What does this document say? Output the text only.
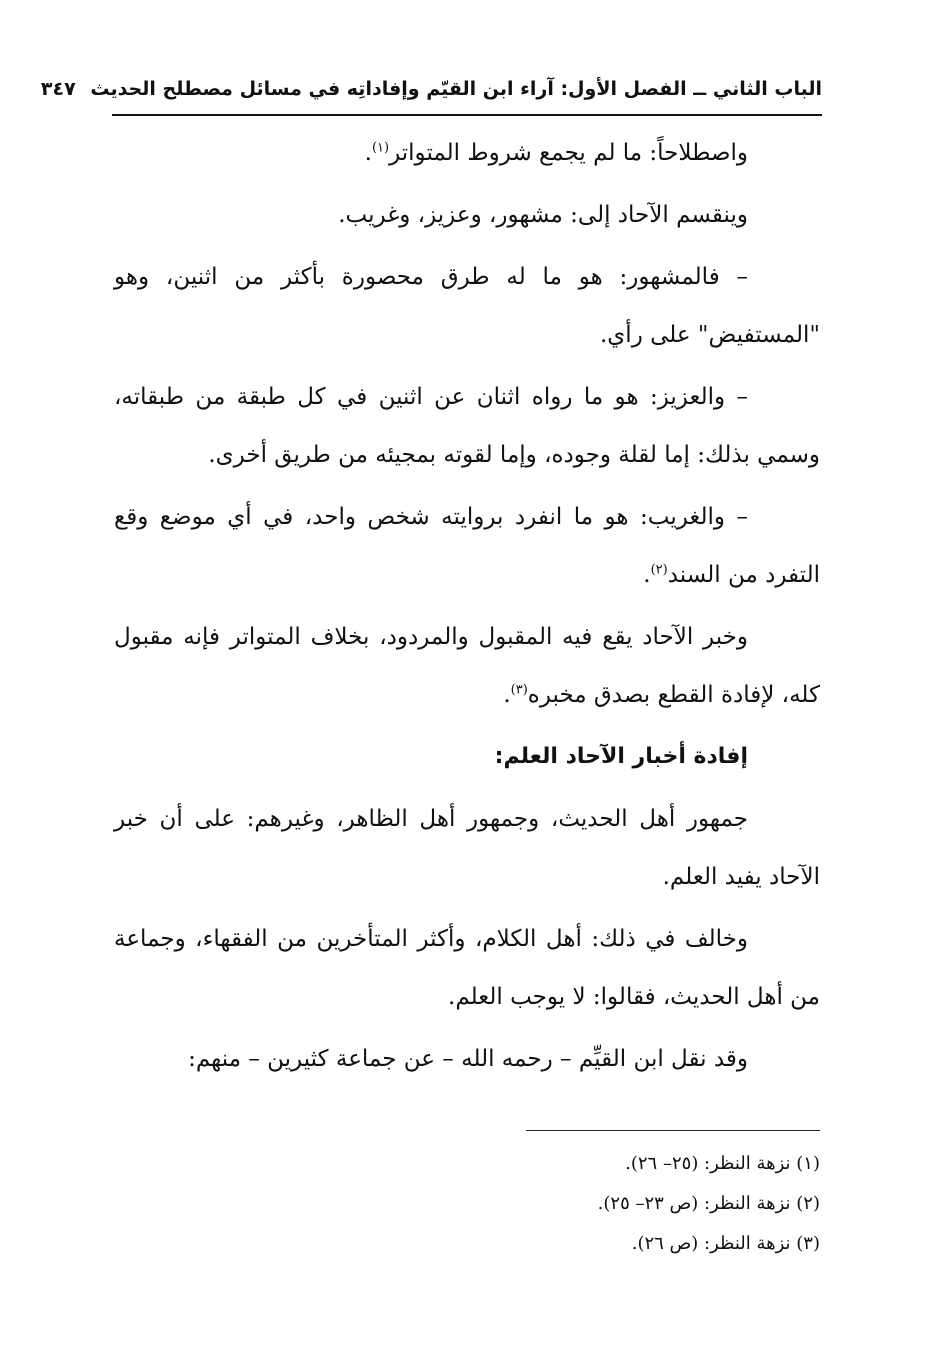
الباب الثاني ــ الفصل الأول: آراء ابن القيّم وإفاداتِه في مسائل مصطلح الحديث ٣٤٧

واصطلاحاً: ما لم يجمع شروط المتواتر$^{(١)}$.

وينقسم الآحاد إلى: مشهور، وعزيز، وغريب.

– فالمشهور: هو ما له طرق محصورة بأكثر من اثنين، وهو "المستفيض" على رأي.

– والعزيز: هو ما رواه اثنان عن اثنين في كل طبقة من طبقاته، وسمي بذلك: إما لقلة وجوده، وإما لقوته بمجيئه من طريق أخرى.

– والغريب: هو ما انفرد بروايته شخص واحد، في أي موضع وقع التفرد من السند$^{(٢)}$.

وخبر الآحاد يقع فيه المقبول والمردود، بخلاف المتواتر فإنه مقبول كله، لإفادة القطع بصدق مخبره$^{(٣)}$.

إفادة أخبار الآحاد العلم:

جمهور أهل الحديث، وجمهور أهل الظاهر، وغيرهم: على أن خبر الآحاد يفيد العلم.

وخالف في ذلك: أهل الكلام، وأكثر المتأخرين من الفقهاء، وجماعة من أهل الحديث، فقالوا: لا يوجب العلم.

وقد نقل ابن القيِّم – رحمه الله – عن جماعة كثيرين – منهم:

(١) نزهة النظر: (٢٥– ٢٦).

(٢) نزهة النظر: (ص ٢٣– ٢٥).

(٣) نزهة النظر: (ص ٢٦).
